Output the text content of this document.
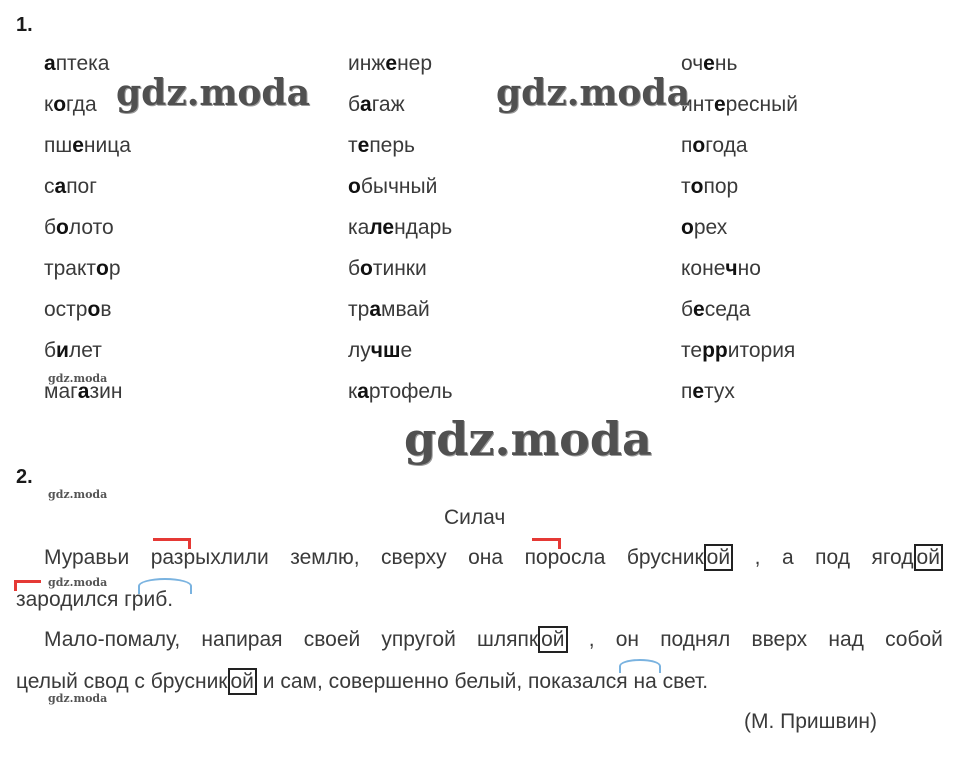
1.
аптека
когда
пшеница
сапог
болото
трактор
остров
билет
магазин
инженер
багаж
теперь
обычный
календарь
ботинки
трамвай
лучше
картофель
очень
интересный
погода
топор
орех
конечно
беседа
территория
петух
gdz.moda	gdz.moda
gdz.moda
gdz.moda
gdz.moda
gdz.moda
gdz.moda
2.
Силач
Муравьи разрыхлили землю, сверху она поросла брусник ой , а под ягод ой
зародился гриб.
Мало-помалу, напирая своей упругой шляпк ой , он поднял вверх над собой
целый свод с брусник ой и сам, совершенно белый, показался на свет.
(М. Пришвин)
